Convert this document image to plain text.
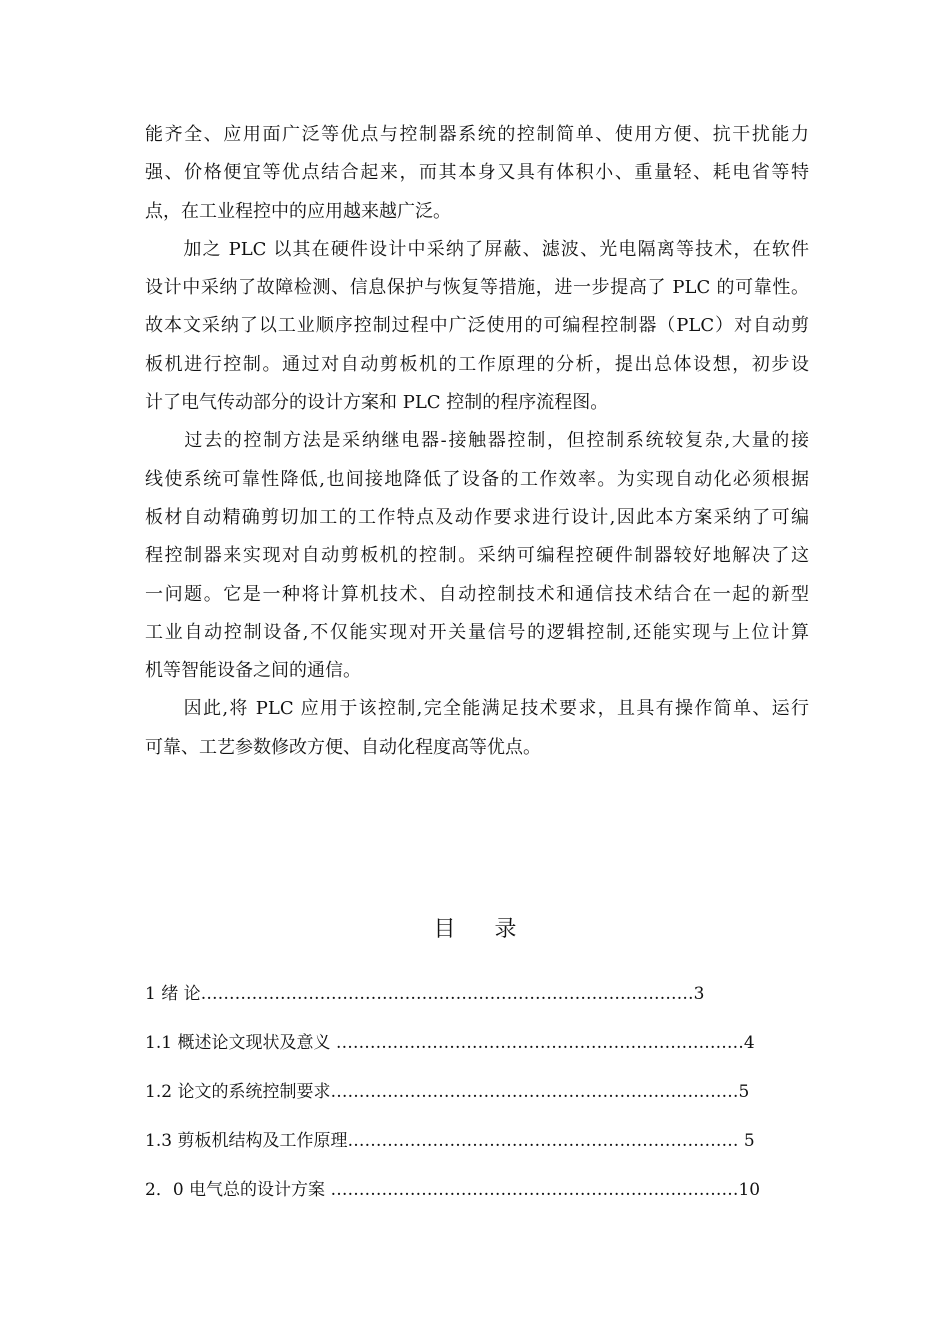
能齐全、应用面广泛等优点与控制器系统的控制简单、使用方便、抗干扰能力
强、价格便宜等优点结合起来，而其本身又具有体积小、重量轻、耗电省等特
点，在工业程控中的应用越来越广泛。
　　加之 PLC 以其在硬件设计中采纳了屏蔽、滤波、光电隔离等技术，在软件
设计中采纳了故障检测、信息保护与恢复等措施，进一步提高了 PLC 的可靠性。
故本文采纳了以工业顺序控制过程中广泛使用的可编程控制器（PLC）对自动剪
板机进行控制。通过对自动剪板机的工作原理的分析，提出总体设想，初步设
计了电气传动部分的设计方案和 PLC 控制的程序流程图。
　　过去的控制方法是采纳继电器-接触器控制，但控制系统较复杂,大量的接
线使系统可靠性降低,也间接地降低了设备的工作效率。为实现自动化必须根据
板材自动精确剪切加工的工作特点及动作要求进行设计,因此本方案采纳了可编
程控制器来实现对自动剪板机的控制。采纳可编程控硬件制器较好地解决了这
一问题。它是一种将计算机技术、自动控制技术和通信技术结合在一起的新型
工业自动控制设备,不仅能实现对开关量信号的逻辑控制,还能实现与上位计算
机等智能设备之间的通信。
　　因此,将 PLC 应用于该控制,完全能满足技术要求，且具有操作简单、运行
可靠、工艺参数修改方便、自动化程度高等优点。
目 录
1 绪 论……………………………………………………………………………3
1.1 概述论文现状及意义 ………………………………………………………………4
1.2 论文的系统控制要求………………………………………………………………5
1.3 剪板机结构及工作原理…………………………………………………………… 5
2．0 电气总的设计方案 ………………………………………………………………10
